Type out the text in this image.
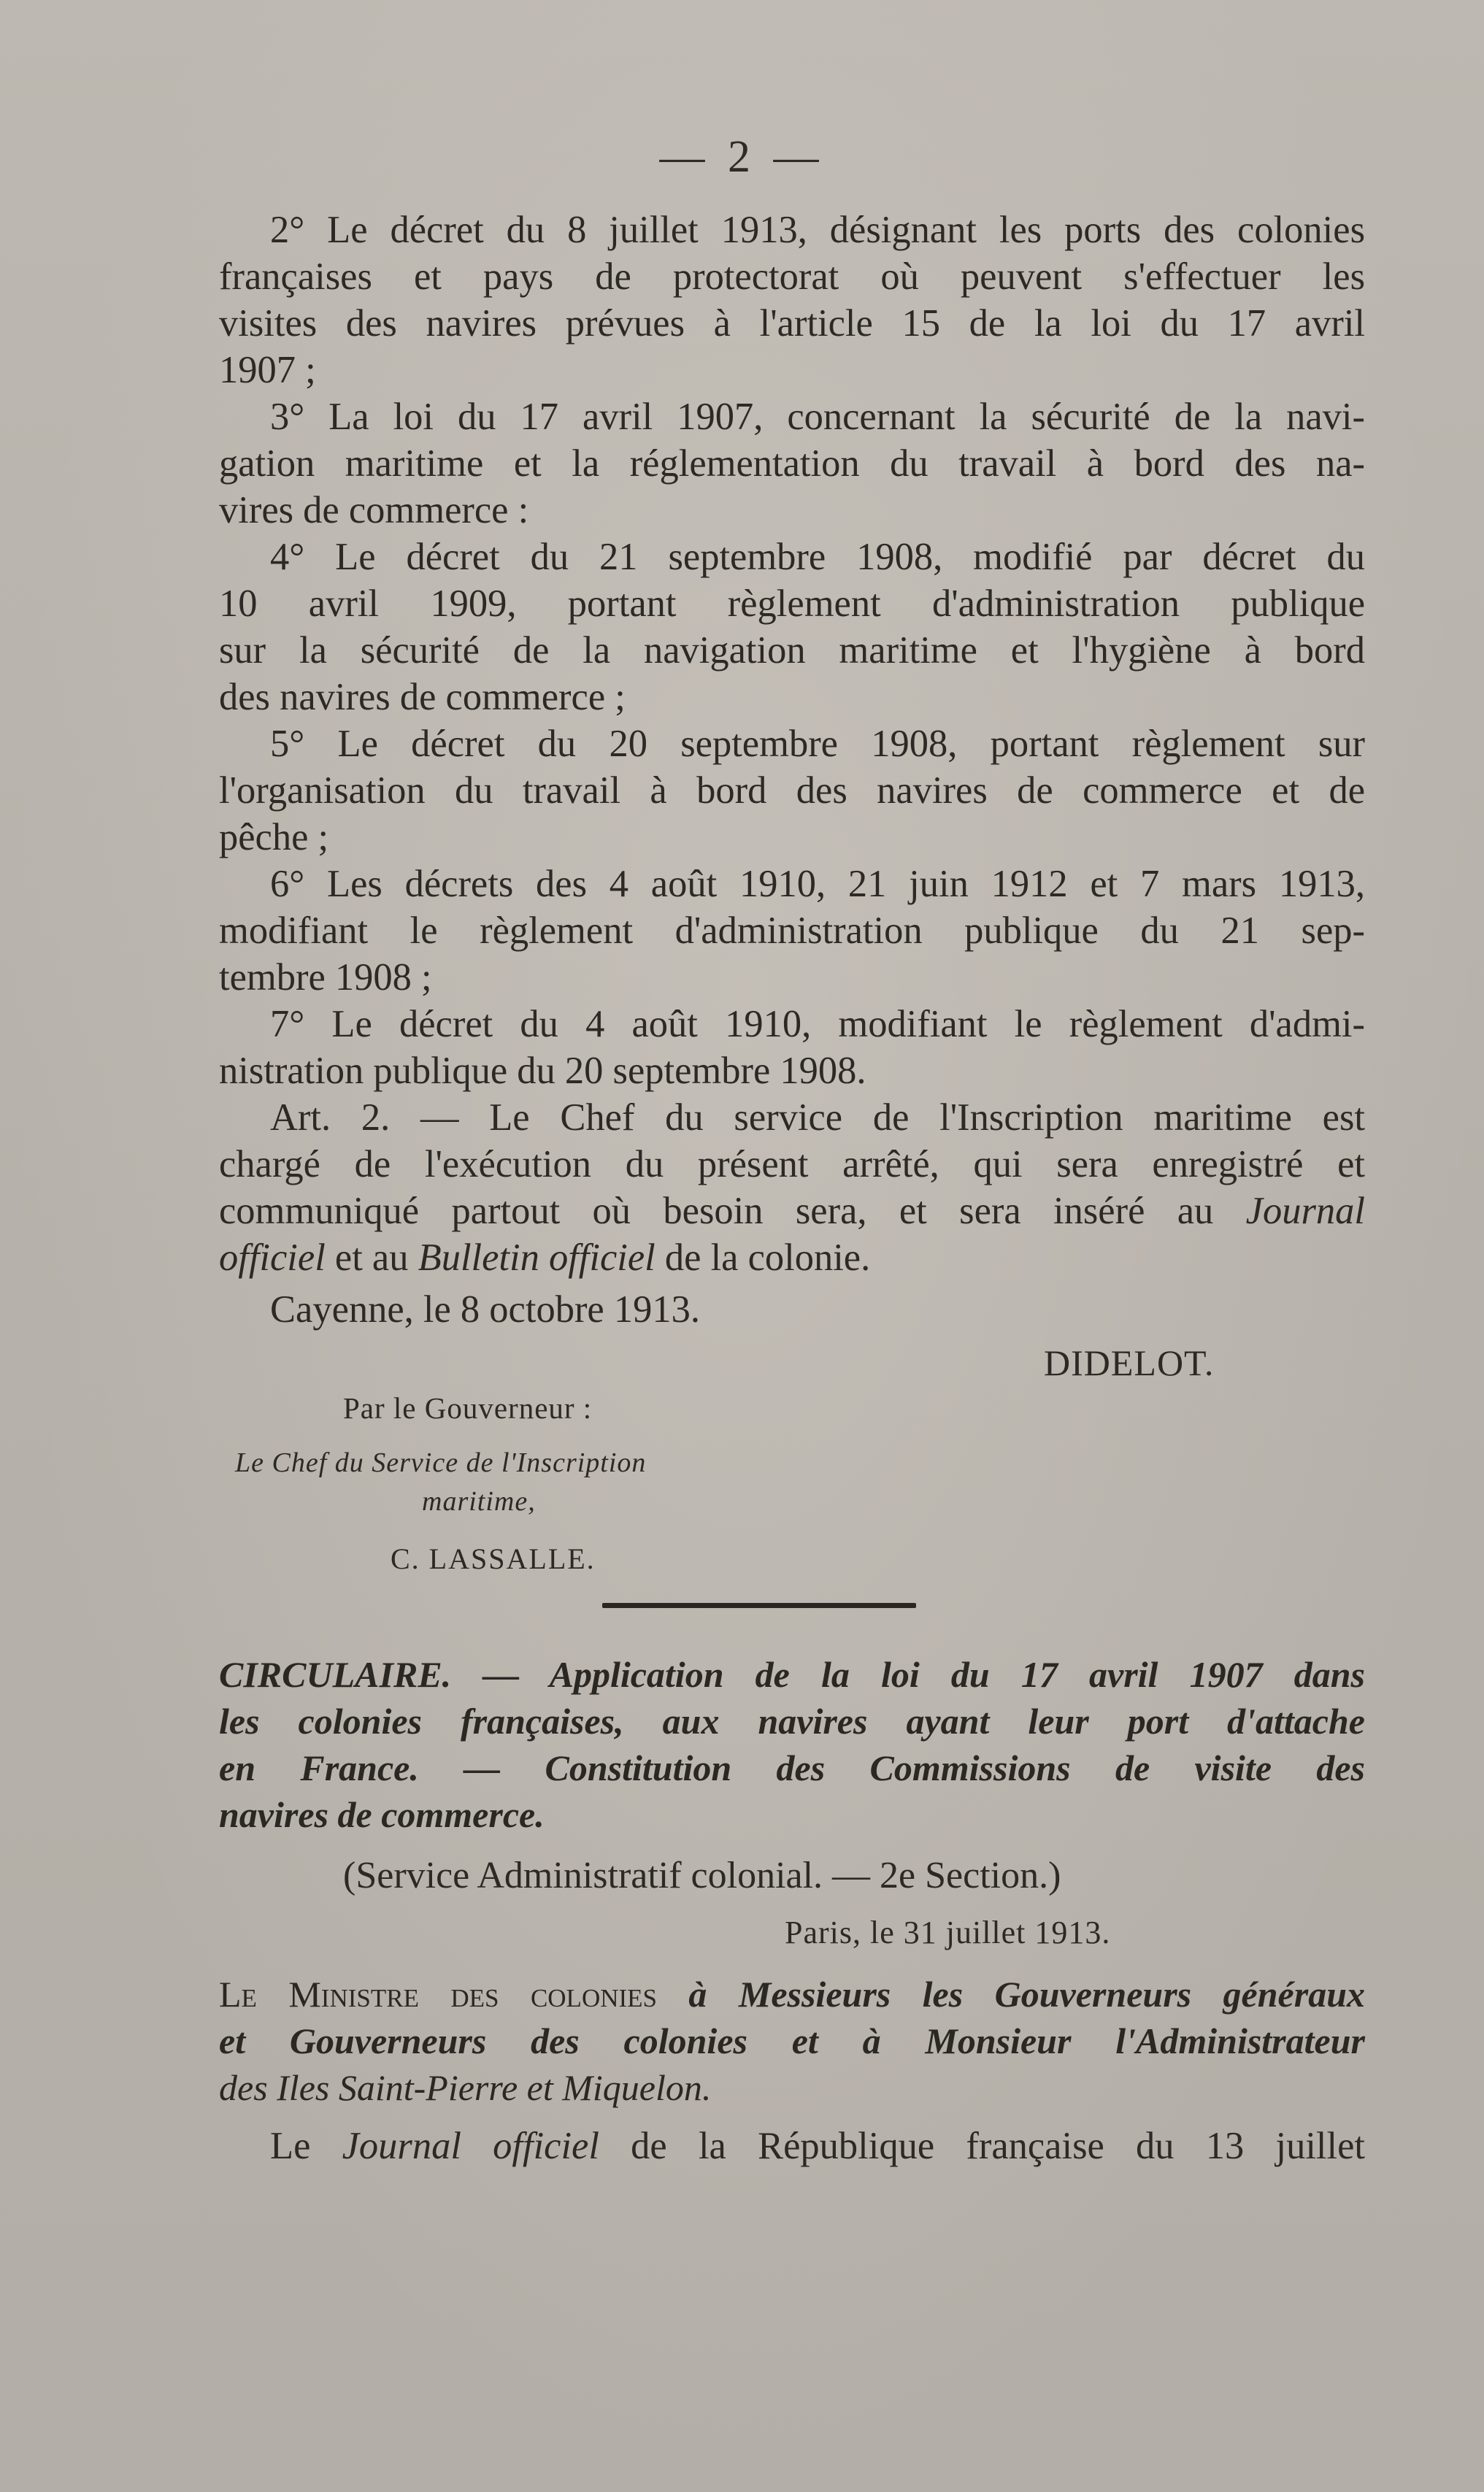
— 2 —
2° Le décret du 8 juillet 1913, désignant les ports des colonies
françaises et pays de protectorat où peuvent s'effectuer les
visites des navires prévues à l'article 15 de la loi du 17 avril
1907 ;
3° La loi du 17 avril 1907, concernant la sécurité de la navi-
gation maritime et la réglementation du travail à bord des na-
vires de commerce :
4° Le décret du 21 septembre 1908, modifié par décret du
10 avril 1909, portant règlement d'administration publique
sur la sécurité de la navigation maritime et l'hygiène à bord
des navires de commerce ;
5° Le décret du 20 septembre 1908, portant règlement sur
l'organisation du travail à bord des navires de commerce et de
pêche ;
6° Les décrets des 4 août 1910, 21 juin 1912 et 7 mars 1913,
modifiant le règlement d'administration publique du 21 sep-
tembre 1908 ;
7° Le décret du 4 août 1910, modifiant le règlement d'admi-
nistration publique du 20 septembre 1908.
Art. 2. — Le Chef du service de l'Inscription maritime est
chargé de l'exécution du présent arrêté, qui sera enregistré et
communiqué partout où besoin sera, et sera inséré au Journal
officiel et au Bulletin officiel de la colonie.
Cayenne, le 8 octobre 1913.
DIDELOT.
Par le Gouverneur :
Le Chef du Service de l'Inscription
maritime,
C. LASSALLE.
CIRCULAIRE. — Application de la loi du 17 avril 1907 dans
les colonies françaises, aux navires ayant leur port d'attache
en France. — Constitution des Commissions de visite des
navires de commerce.
(Service Administratif colonial. — 2e Section.)
Paris, le 31 juillet 1913.
Le Ministre des colonies à Messieurs les Gouverneurs généraux
et Gouverneurs des colonies et à Monsieur l'Administrateur
des Iles Saint-Pierre et Miquelon.
Le Journal officiel de la République française du 13 juillet
